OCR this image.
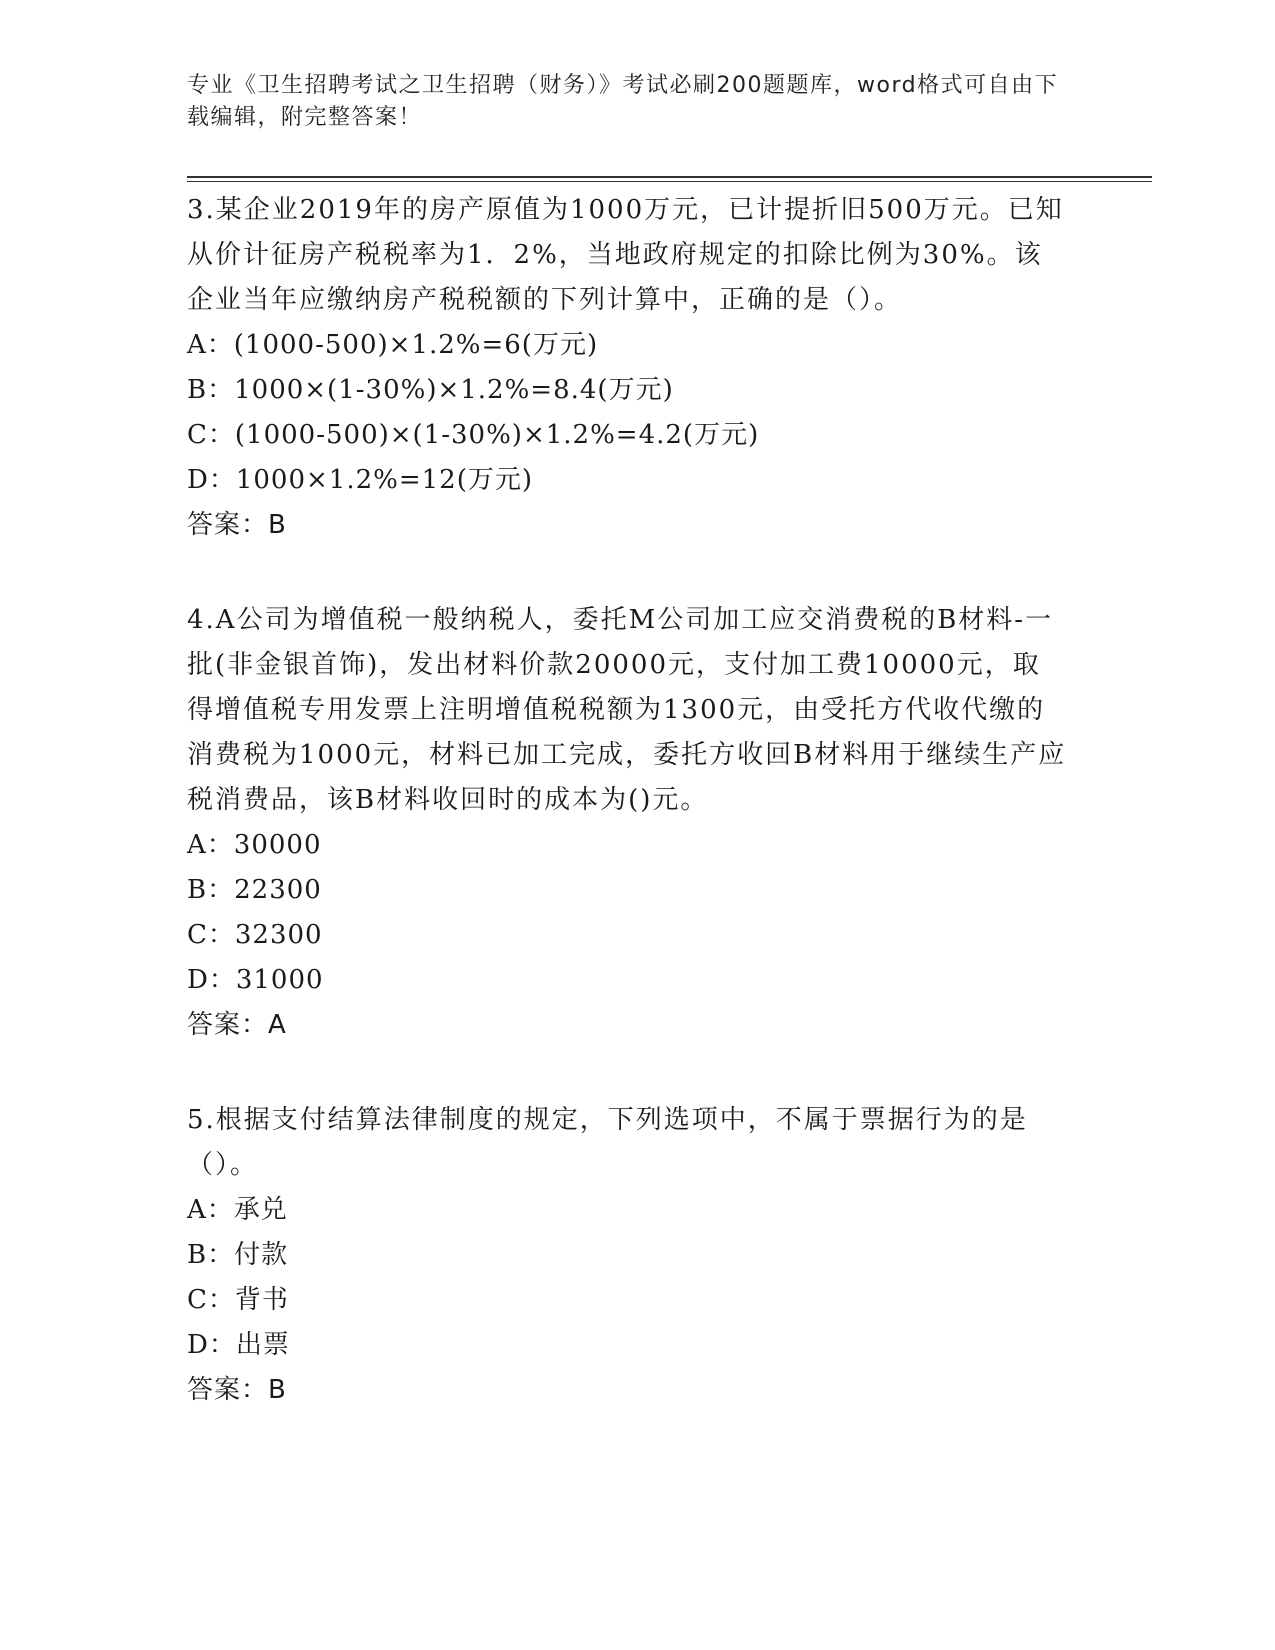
专业《卫生招聘考试之卫生招聘（财务）》考试必刷200题题库，word格式可自由下载编辑，附完整答案！

3.某企业2019年的房产原值为1000万元，已计提折旧500万元。已知从价计征房产税税率为1．2%，当地政府规定的扣除比例为30%。该企业当年应缴纳房产税税额的下列计算中，正确的是（）。

A：(1000-500)×1.2%=6(万元)

B：1000×(1-30%)×1.2%=8.4(万元)

C：(1000-500)×(1-30%)×1.2%=4.2(万元)

D：1000×1.2%=12(万元)

答案：B

4.A公司为增值税一般纳税人，委托M公司加工应交消费税的B材料-一批(非金银首饰)，发出材料价款20000元，支付加工费10000元，取得增值税专用发票上注明增值税税额为1300元，由受托方代收代缴的消费税为1000元，材料已加工完成，委托方收回B材料用于继续生产应税消费品，该B材料收回时的成本为()元。

A：30000

B：22300

C：32300

D：31000

答案：A

5.根据支付结算法律制度的规定，下列选项中，不属于票据行为的是（）。

A：承兑

B：付款

C：背书

D：出票

答案：B
